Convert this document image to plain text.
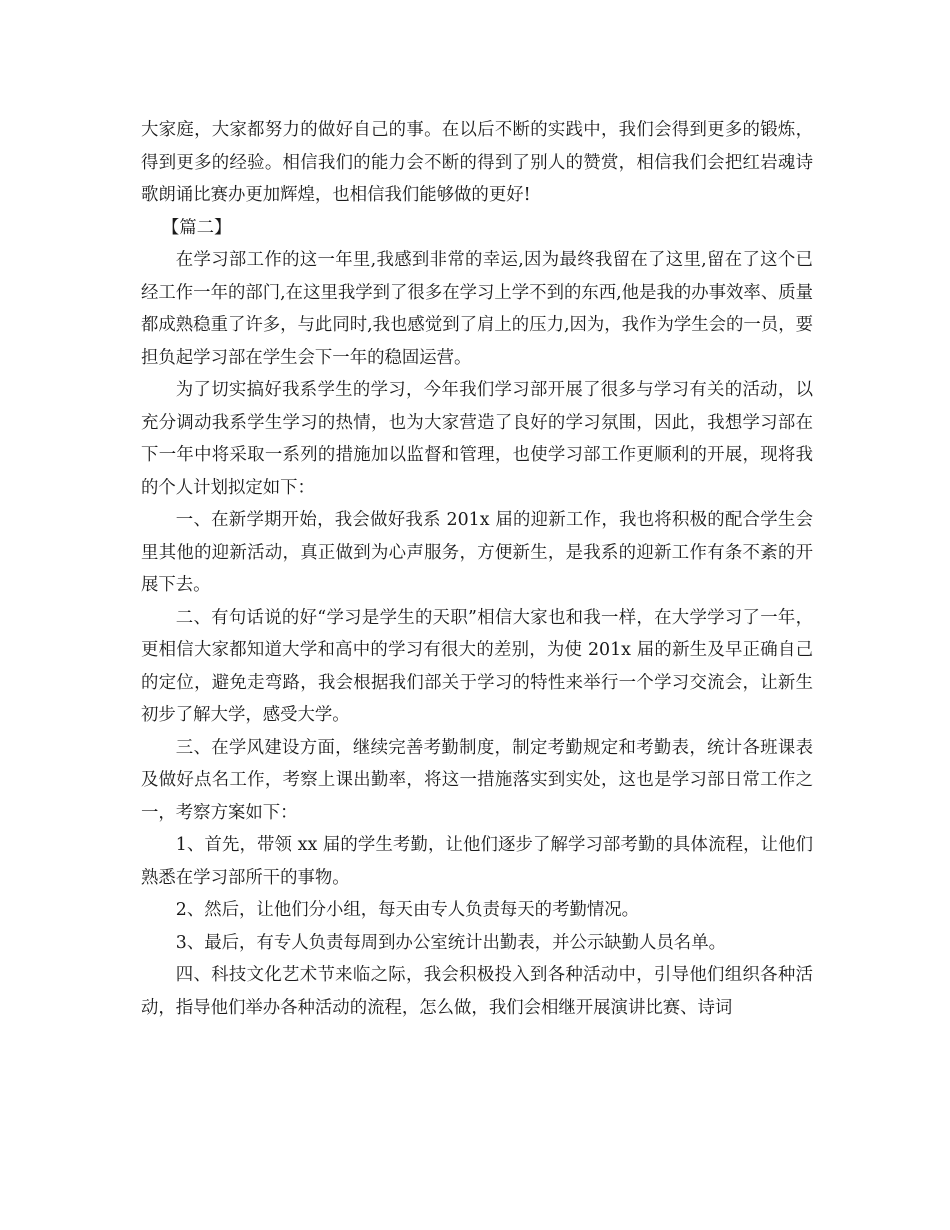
大家庭，大家都努力的做好自己的事。在以后不断的实践中，我们会得到更多的锻炼，得到更多的经验。相信我们的能力会不断的得到了别人的赞赏，相信我们会把红岩魂诗歌朗诵比赛办更加辉煌，也相信我们能够做的更好!

【篇二】

在学习部工作的这一年里,我感到非常的幸运,因为最终我留在了这里,留在了这个已经工作一年的部门,在这里我学到了很多在学习上学不到的东西,他是我的办事效率、质量都成熟稳重了许多，与此同时,我也感觉到了肩上的压力,因为，我作为学生会的一员，要担负起学习部在学生会下一年的稳固运营。

为了切实搞好我系学生的学习，今年我们学习部开展了很多与学习有关的活动，以充分调动我系学生学习的热情，也为大家营造了良好的学习氛围，因此，我想学习部在下一年中将采取一系列的措施加以监督和管理，也使学习部工作更顺利的开展，现将我的个人计划拟定如下：

一、在新学期开始，我会做好我系 201x 届的迎新工作，我也将积极的配合学生会里其他的迎新活动，真正做到为心声服务，方便新生，是我系的迎新工作有条不紊的开展下去。

二、有句话说的好“学习是学生的天职”相信大家也和我一样，在大学学习了一年，更相信大家都知道大学和高中的学习有很大的差别，为使 201x 届的新生及早正确自己的定位，避免走弯路，我会根据我们部关于学习的特性来举行一个学习交流会，让新生初步了解大学，感受大学。

三、在学风建设方面，继续完善考勤制度，制定考勤规定和考勤表，统计各班课表及做好点名工作，考察上课出勤率，将这一措施落实到实处，这也是学习部日常工作之一，考察方案如下：

1、首先，带领 xx 届的学生考勤，让他们逐步了解学习部考勤的具体流程，让他们熟悉在学习部所干的事物。

2、然后，让他们分小组，每天由专人负责每天的考勤情况。

3、最后，有专人负责每周到办公室统计出勤表，并公示缺勤人员名单。

四、科技文化艺术节来临之际，我会积极投入到各种活动中，引导他们组织各种活动，指导他们举办各种活动的流程，怎么做，我们会相继开展演讲比赛、诗词
